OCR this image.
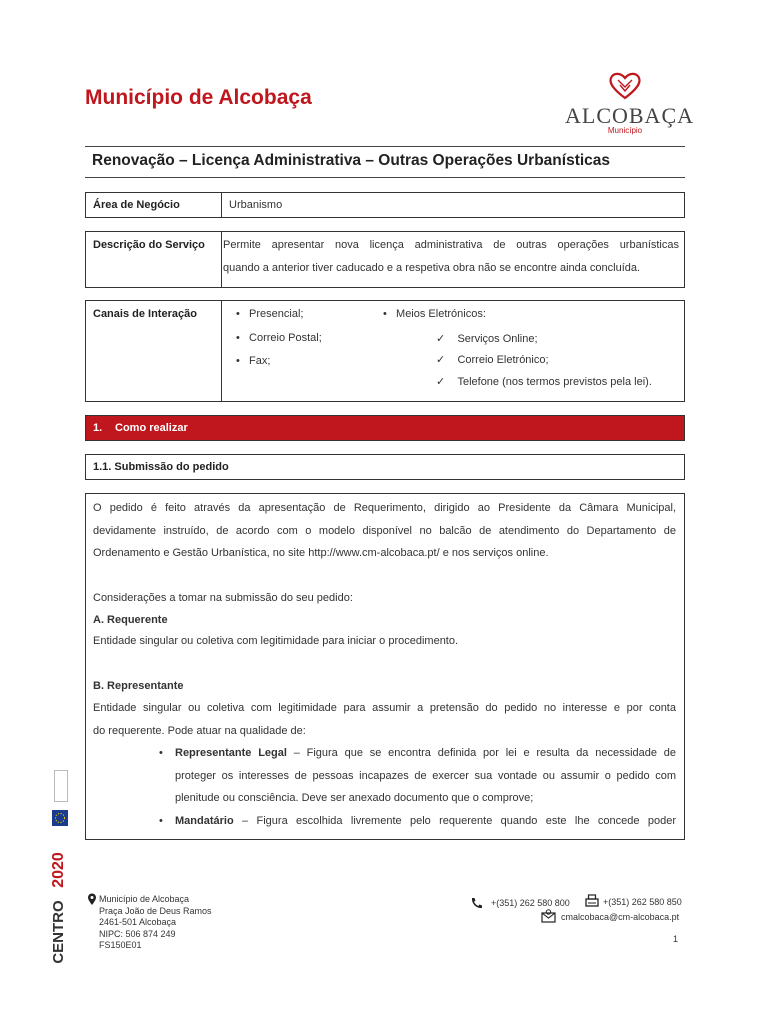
Município de Alcobaça
ALCOBAÇA
Município
Renovação – Licença Administrativa – Outras Operações Urbanísticas
Área de Negócio	Urbanismo
Descrição do Serviço Permite apresentar nova licença administrativa de outras operações urbanísticas
quando a anterior tiver caducado e a respetiva obra não se encontre ainda concluída.
Canais de Interação	•   Presencial;
•   Correio Postal;
•   Fax;
•   Meios Eletrónicos:
✓    Serviços Online;
✓    Correio Eletrónico;
✓    Telefone (nos termos previstos pela lei).
1. Como realizar
1.1. Submissão do pedido

O pedido é feito através da apresentação de Requerimento, dirigido ao Presidente da Câmara Municipal,

devidamente instruído, de acordo com o modelo disponível no balcão de atendimento do Departamento de

Ordenamento e Gestão Urbanística, no site http://www.cm-alcobaca.pt/ e nos serviços online.

Considerações a tomar na submissão do seu pedido:

A. Requerente

Entidade singular ou coletiva com legitimidade para iniciar o procedimento.

B. Representante

Entidade singular ou coletiva com legitimidade para assumir a pretensão do pedido no interesse e por conta

do requerente. Pode atuar na qualidade de:

• Representante Legal – Figura que se encontra definida por lei e resulta da necessidade de

proteger os interesses de pessoas incapazes de exercer sua vontade ou assumir o pedido com

plenitude ou consciência. Deve ser anexado documento que o comprove;

• Mandatário – Figura escolhida livremente pelo requerente quando este lhe concede poder

2020
CENTRO
Município de Alcobaça
Praça João de Deus Ramos
2461-501 Alcobaça
NIPC: 506 874 249
FS150E01
+(351) 262 580 800	+(351) 262 580 850
cmalcobaca@cm-alcobaca.pt
1
